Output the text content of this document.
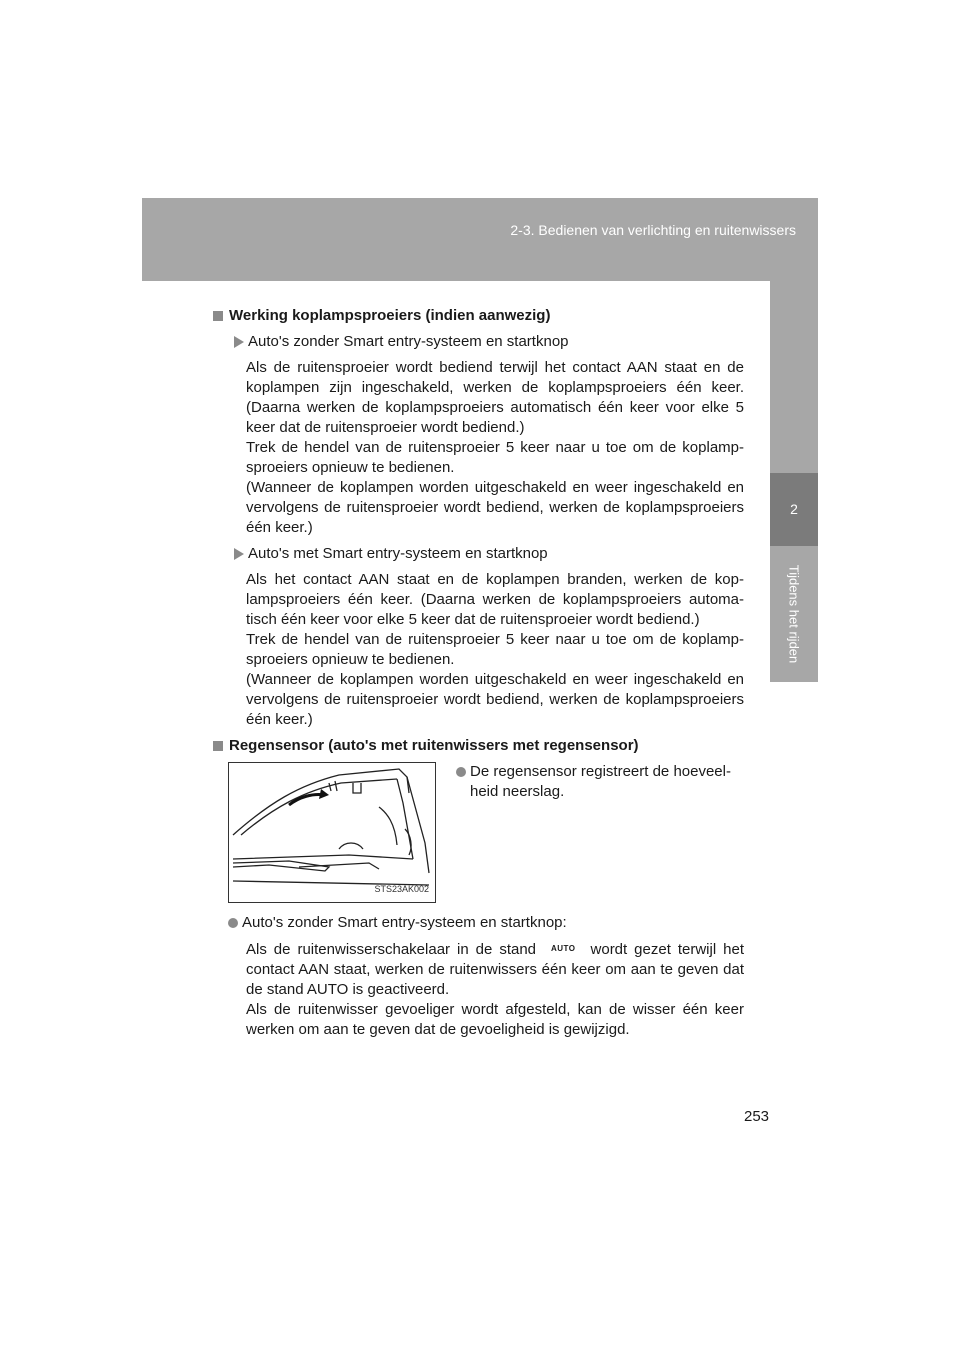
2-3. Bedienen van verlichting en ruitenwissers
2
Tijdens het rijden
Werking koplampsproeiers (indien aanwezig)
Auto's zonder Smart entry-systeem en startknop

Als de ruitensproeier wordt bediend terwijl het contact AAN staat en de koplampen zijn ingeschakeld, werken de koplampsproeiers één keer. (Daarna werken de koplampsproeiers automatisch één keer voor elke 5 keer dat de ruitensproeier wordt bediend.)

Trek de hendel van de ruitensproeier 5 keer naar u toe om de koplamp-sproeiers opnieuw te bedienen.

(Wanneer de koplampen worden uitgeschakeld en weer ingeschakeld en vervolgens de ruitensproeier wordt bediend, werken de koplampsproeiers één keer.)

Auto's met Smart entry-systeem en startknop

Als het contact AAN staat en de koplampen branden, werken de kop-lampsproeiers één keer. (Daarna werken de koplampsproeiers automa-tisch één keer voor elke 5 keer dat de ruitensproeier wordt bediend.)

Trek de hendel van de ruitensproeier 5 keer naar u toe om de koplamp-sproeiers opnieuw te bedienen.

(Wanneer de koplampen worden uitgeschakeld en weer ingeschakeld en vervolgens de ruitensproeier wordt bediend, werken de koplampsproeiers één keer.)

Regensensor (auto's met ruitenwissers met regensensor)
STS23AK002
De regensensor registreert de hoeveel-heid neerslag.
Auto's zonder Smart entry-systeem en startknop:

Als de ruitenwisserschakelaar in de stand $^{AUTO}$ wordt gezet terwijl het contact AAN staat, werken de ruitenwissers één keer om aan te geven dat de stand AUTO is geactiveerd.

Als de ruitenwisser gevoeliger wordt afgesteld, kan de wisser één keer werken om aan te geven dat de gevoeligheid is gewijzigd.

253
